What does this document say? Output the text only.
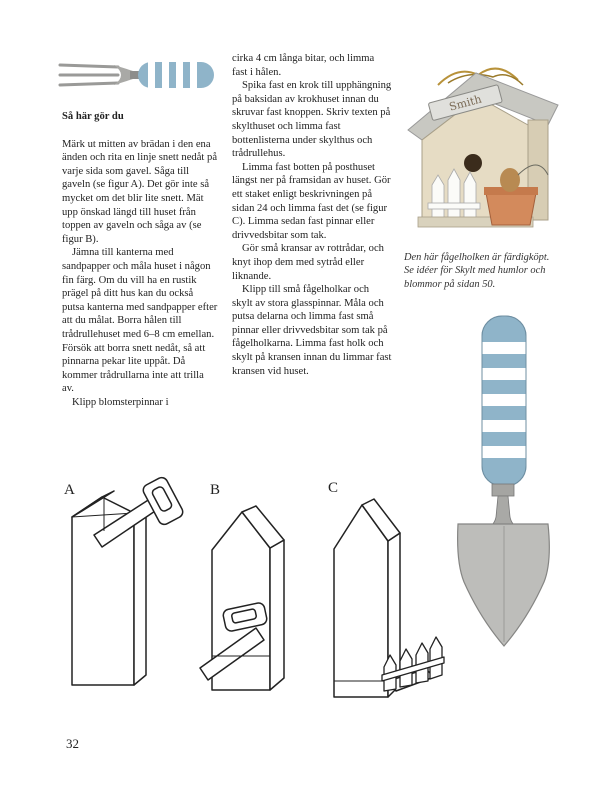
Så här gör du

Märk ut mitten av brädan i den ena änden och rita en linje snett nedåt på varje sida som gavel. Såga till gaveln (se figur A). Det gör inte så mycket om det blir lite snett. Mät upp önskad längd till huset från toppen av gaveln och såga av (se figur B).

Jämna till kanterna med sandpapper och måla huset i någon fin färg. Om du vill ha en rustik prägel på ditt hus kan du också putsa kanterna med sandpapper efter att du målat. Borra hålen till trådrullehuset med 6–8 cm emellan. Försök att borra snett nedåt, så att pinnarna pekar lite uppåt. Då kommer trådrullarna inte att trilla av.

Klipp blomsterpinnar i

cirka 4 cm långa bitar, och limma fast i hålen.

Spika fast en krok till upphängning på baksidan av krokhuset innan du skruvar fast knoppen. Skriv texten på skylthuset och limma fast bottenlisterna under skylthus och trådrullehus.

Limma fast botten på posthuset längst ner på framsidan av huset. Gör ett staket enligt beskrivningen på sidan 24 och limma fast det (se figur C). Limma sedan fast pinnar eller drivvedsbitar som tak.

Gör små kransar av rottrådar, och knyt ihop dem med sytråd eller liknande.

Klipp till små fågelholkar och skylt av stora glasspinnar. Måla och putsa delarna och limma fast små pinnar eller drivvedsbitar som tak på fågelholkarna. Limma fast holk och skylt på kransen innan du limmar fast kransen vid huset.

Smith
Den här fågelholken är färdigköpt. Se idéer för Skylt med humlor och blommor på sidan 50.
A	B	C
32
